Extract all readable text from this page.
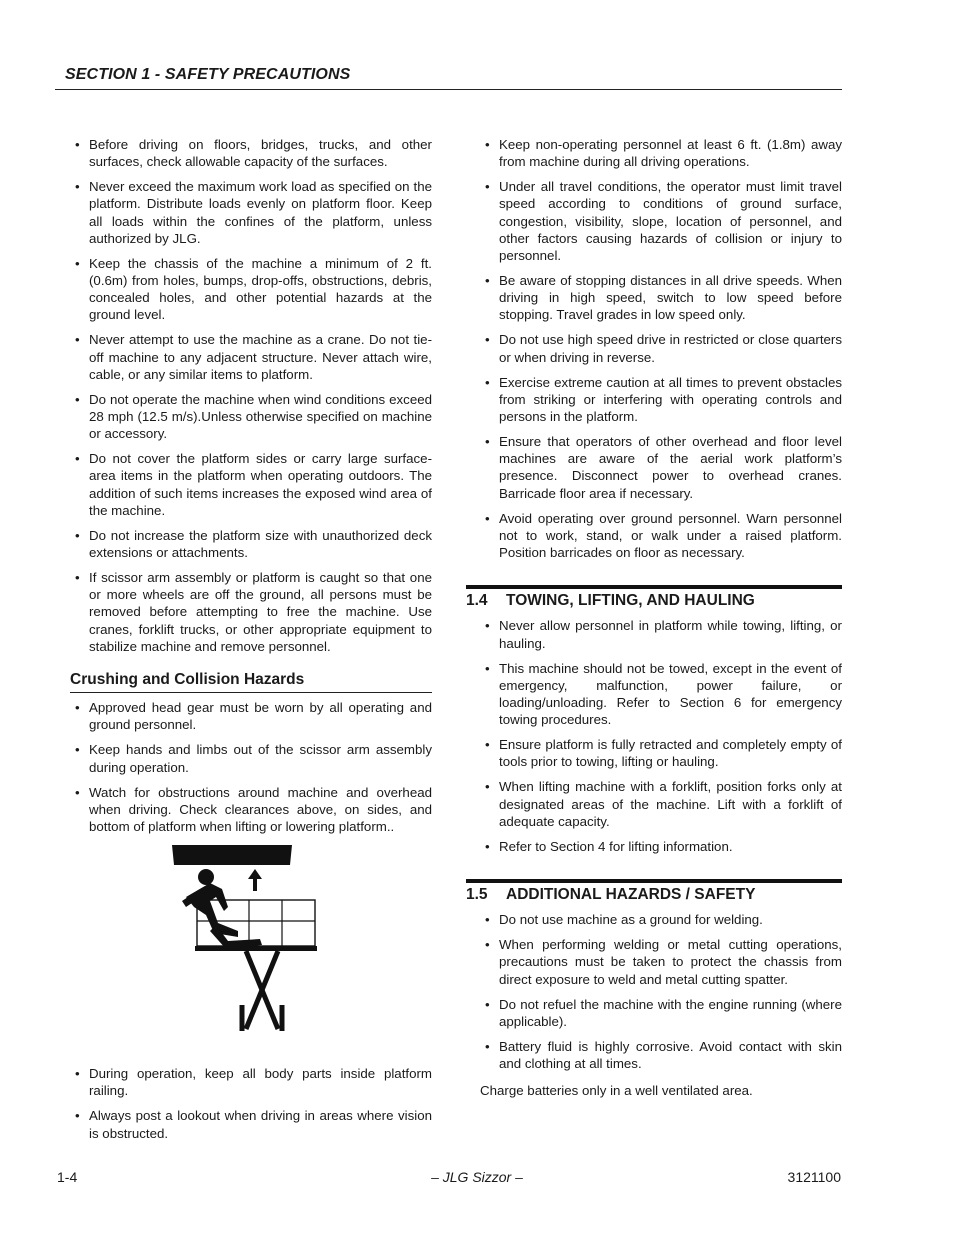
SECTION 1 - SAFETY PRECAUTIONS
• Before driving on floors, bridges, trucks, and other surfaces, check allowable capacity of the surfaces.
• Never exceed the maximum work load as specified on the platform. Distribute loads evenly on platform floor. Keep all loads within the confines of the platform, unless authorized by JLG.
• Keep the chassis of the machine a minimum of 2 ft. (0.6m) from holes, bumps, drop-offs, obstructions, debris, concealed holes, and other potential hazards at the ground level.
• Never attempt to use the machine as a crane. Do not tie-off machine to any adjacent structure. Never attach wire, cable, or any similar items to platform.
• Do not operate the machine when wind conditions exceed 28 mph (12.5 m/s).Unless otherwise specified on machine or accessory.
• Do not cover the platform sides or carry large surface-area items in the platform when operating outdoors. The addition of such items increases the exposed wind area of the machine.
• Do not increase the platform size with unauthorized deck extensions or attachments.
• If scissor arm assembly or platform is caught so that one or more wheels are off the ground, all persons must be removed before attempting to free the machine. Use cranes, forklift trucks, or other appropriate equipment to stabilize machine and remove personnel.
Crushing and Collision Hazards
• Approved head gear must be worn by all operating and ground personnel.
• Keep hands and limbs out of the scissor arm assembly during operation.
• Watch for obstructions around machine and overhead when driving. Check clearances above, on sides, and bottom of platform when lifting or lowering platform..
• During operation, keep all body parts inside platform railing.
• Always post a lookout when driving in areas where vision is obstructed.
• Keep non-operating personnel at least 6 ft. (1.8m) away from machine during all driving operations.
• Under all travel conditions, the operator must limit travel speed according to conditions of ground surface, congestion, visibility, slope, location of personnel, and other factors causing hazards of collision or injury to personnel.
• Be aware of stopping distances in all drive speeds. When driving in high speed, switch to low speed before stopping. Travel grades in low speed only.
• Do not use high speed drive in restricted or close quarters or when driving in reverse.
• Exercise extreme caution at all times to prevent obstacles from striking or interfering with operating controls and persons in the platform.
• Ensure that operators of other overhead and floor level machines are aware of the aerial work platform’s presence. Disconnect power to overhead cranes. Barricade floor area if necessary.
• Avoid operating over ground personnel. Warn personnel not to work, stand, or walk under a raised platform. Position barricades on floor as necessary.
1.4 TOWING, LIFTING, AND HAULING
• Never allow personnel in platform while towing, lifting, or hauling.
• This machine should not be towed, except in the event of emergency, malfunction, power failure, or loading/unloading. Refer to Section 6 for emergency towing procedures.
• Ensure platform is fully retracted and completely empty of tools prior to towing, lifting or hauling.
• When lifting machine with a forklift, position forks only at designated areas of the machine. Lift with a forklift of adequate capacity.
• Refer to Section 4 for lifting information.
1.5 ADDITIONAL HAZARDS / SAFETY
• Do not use machine as a ground for welding.
• When performing welding or metal cutting operations, precautions must be taken to protect the chassis from direct exposure to weld and metal cutting spatter.
• Do not refuel the machine with the engine running (where applicable).
• Battery fluid is highly corrosive. Avoid contact with skin and clothing at all times.
Charge batteries only in a well ventilated area.
1-4	– JLG Sizzor –	3121100
